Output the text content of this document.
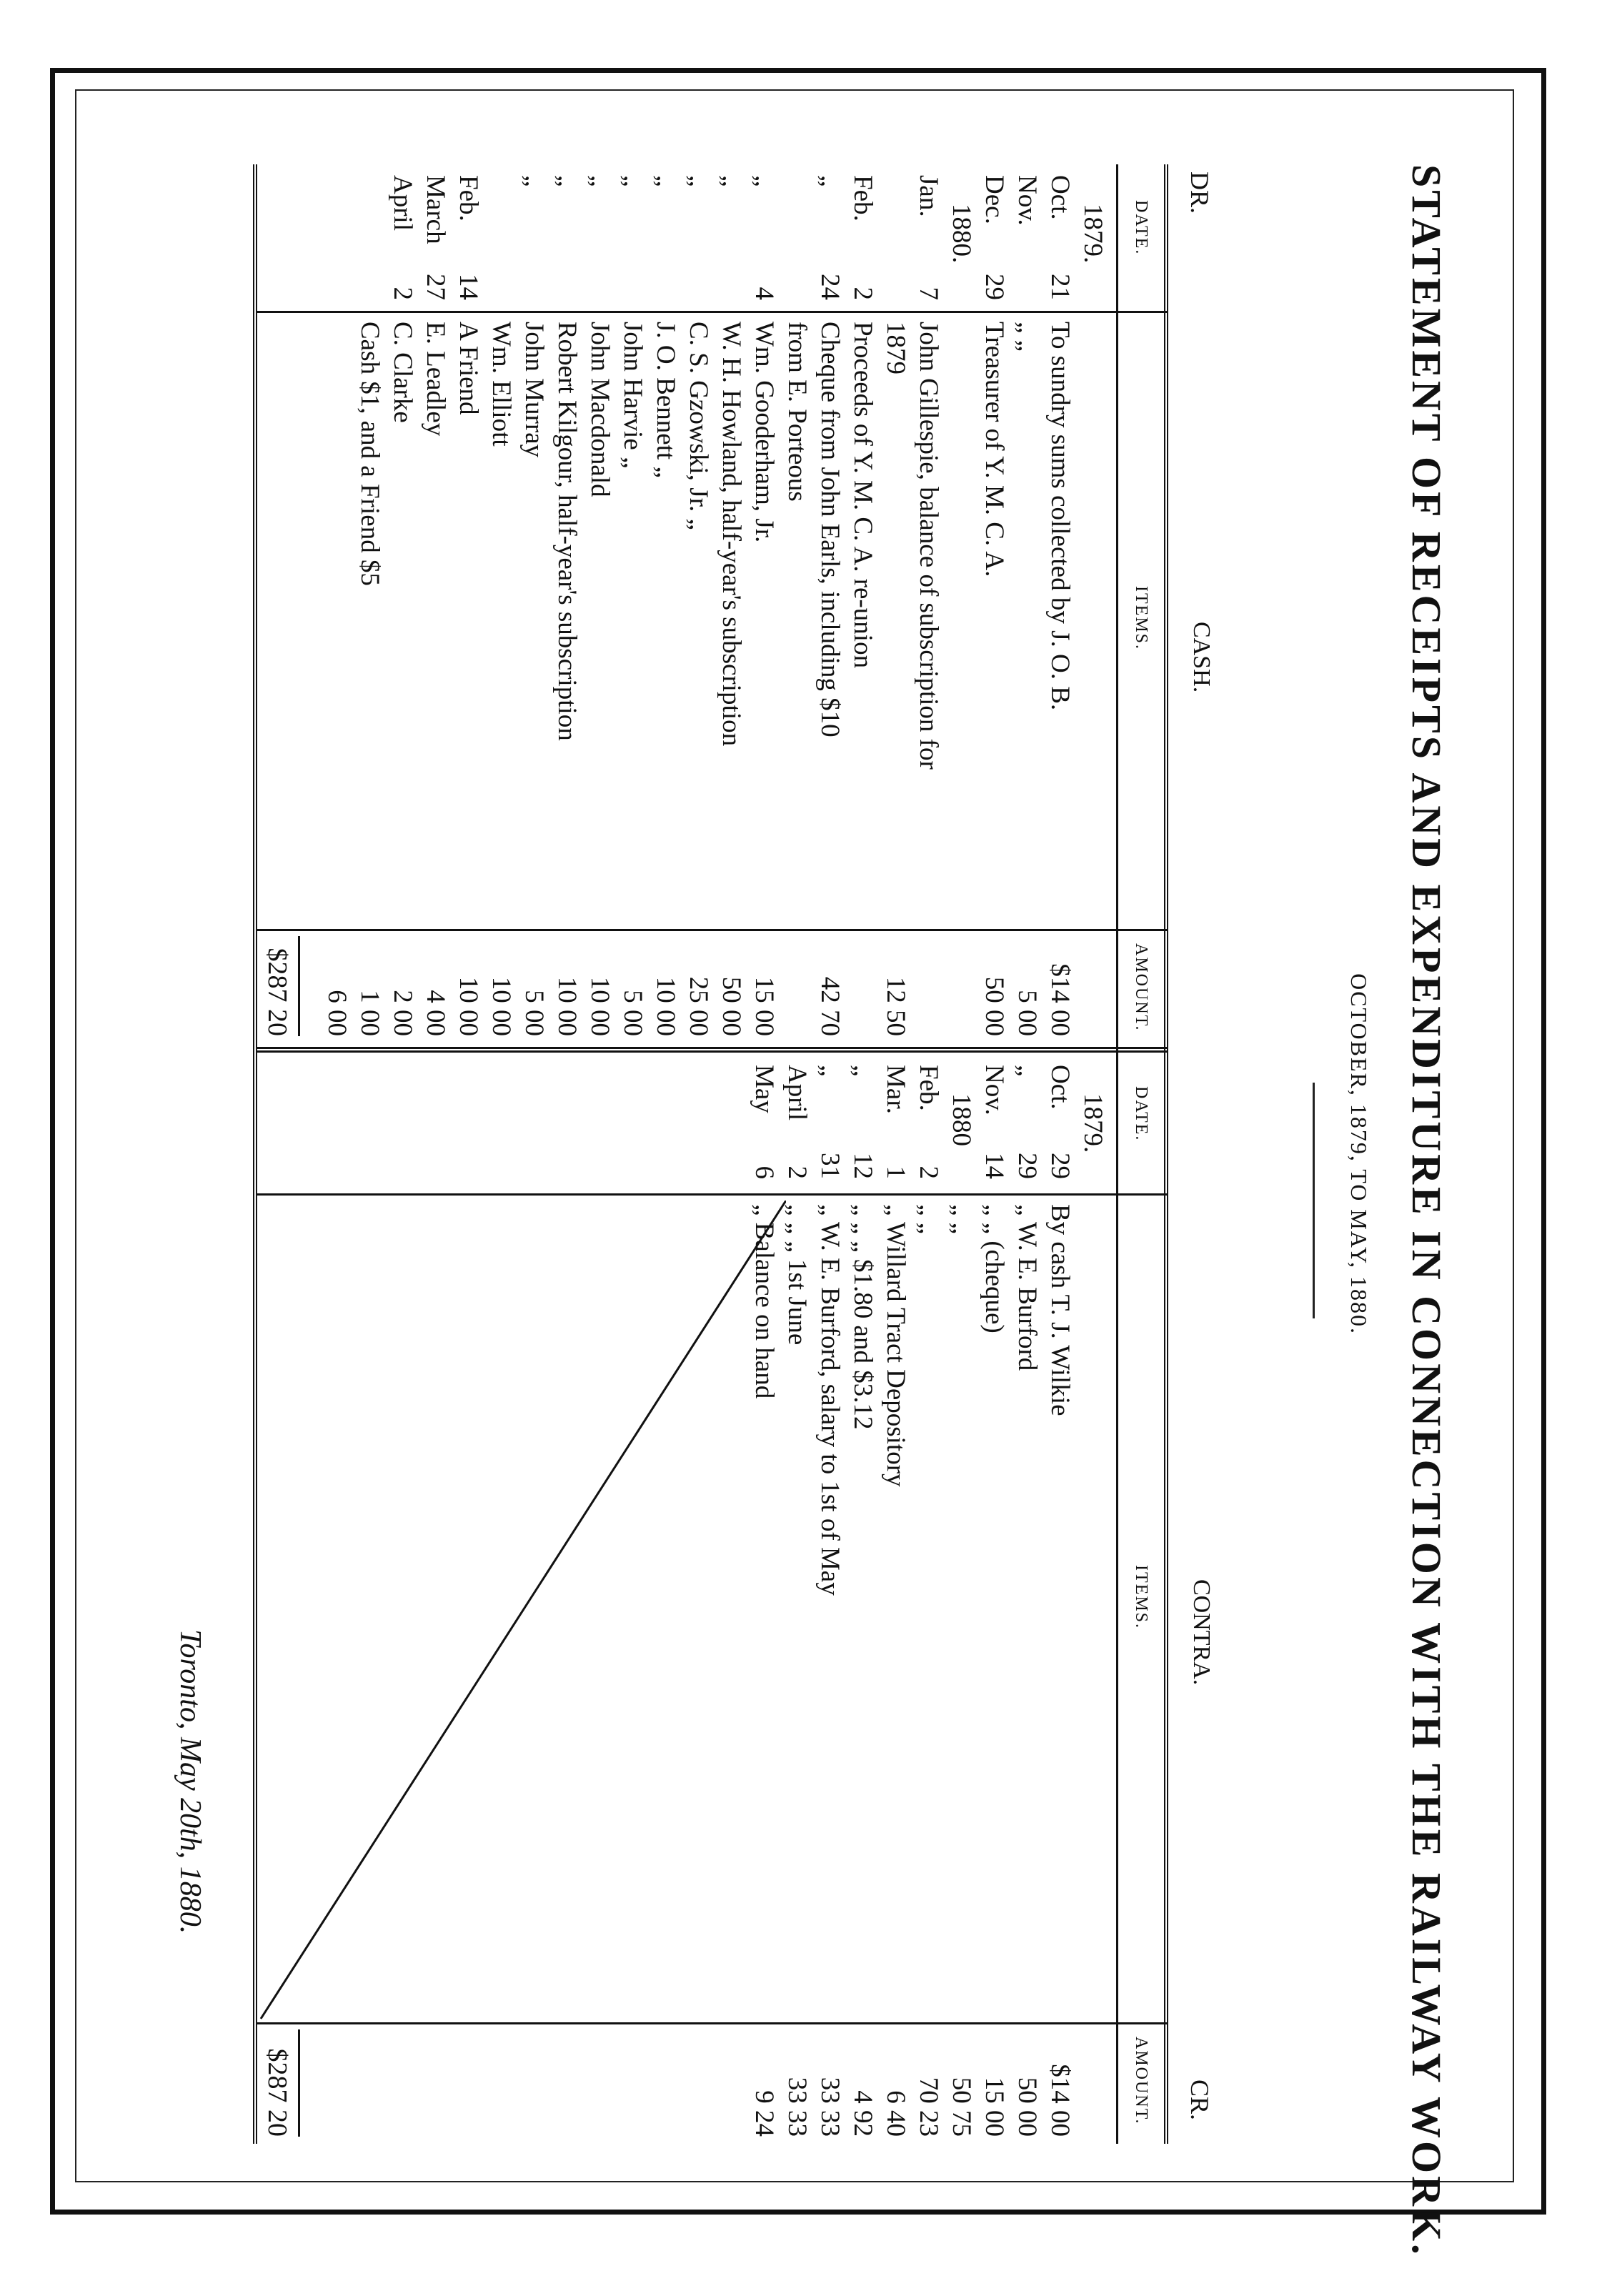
STATEMENT OF RECEIPTS AND EXPENDITURE IN CONNECTION WITH THE RAILWAY WORK.
OCTOBER, 1879, TO MAY, 1880.
DR.
CASH.
CONTRA.
CR.
DATE.
ITEMS.
AMOUNT.
DATE.
ITEMS.
AMOUNT.
1879.
Oct.
21
To sundry sums collected by J. O. B.
$14 00
Nov.
„ „
5 00
Dec.
29
Treasurer of Y. M. C. A.
50 00
1880.
Jan.
7
John Gillespie, balance of subscription for
1879
12 50
Feb.
2
Proceeds of Y. M. C. A. re-union
„
24
Cheque from John Earls, including $10
42 70
from E. Porteous
„
4
Wm. Gooderham, Jr.
15 00
„
W. H. Howland, half-year's subscription
50 00
„
C. S. Gzowski, Jr. „
25 00
„
J. O. Bennett „
10 00
„
John Harvie „
5 00
„
John Macdonald
10 00
„
Robert Kilgour, half-year's subscription
10 00
„
John Murray
5 00
Wm. Elliott
10 00
Feb.
14
A Friend
10 00
March
27
E. Leadley
4 00
April
2
C. Clarke
2 00
Cash $1, and a Friend $5
1 00
6 00
1879.
Oct.
29
By cash T. J. Wilkie
$14 00
„
29
„ W. E. Burford
50 00
Nov.
14
„ „ (cheque)
15 00
1880
„ „
50 75
Feb.
2
„ „
70 23
Mar.
1
„ Willard Tract Depository
6 40
„
12
„ „ „ $1.80 and $3.12
4 92
„
31
„ W. E. Burford, salary to 1st of May
33 33
April
2
„ „ „ 1st June
33 33
May
6
„ Balance on hand
9 24
$287 20
$287 20
Toronto, May 20th, 1880.
